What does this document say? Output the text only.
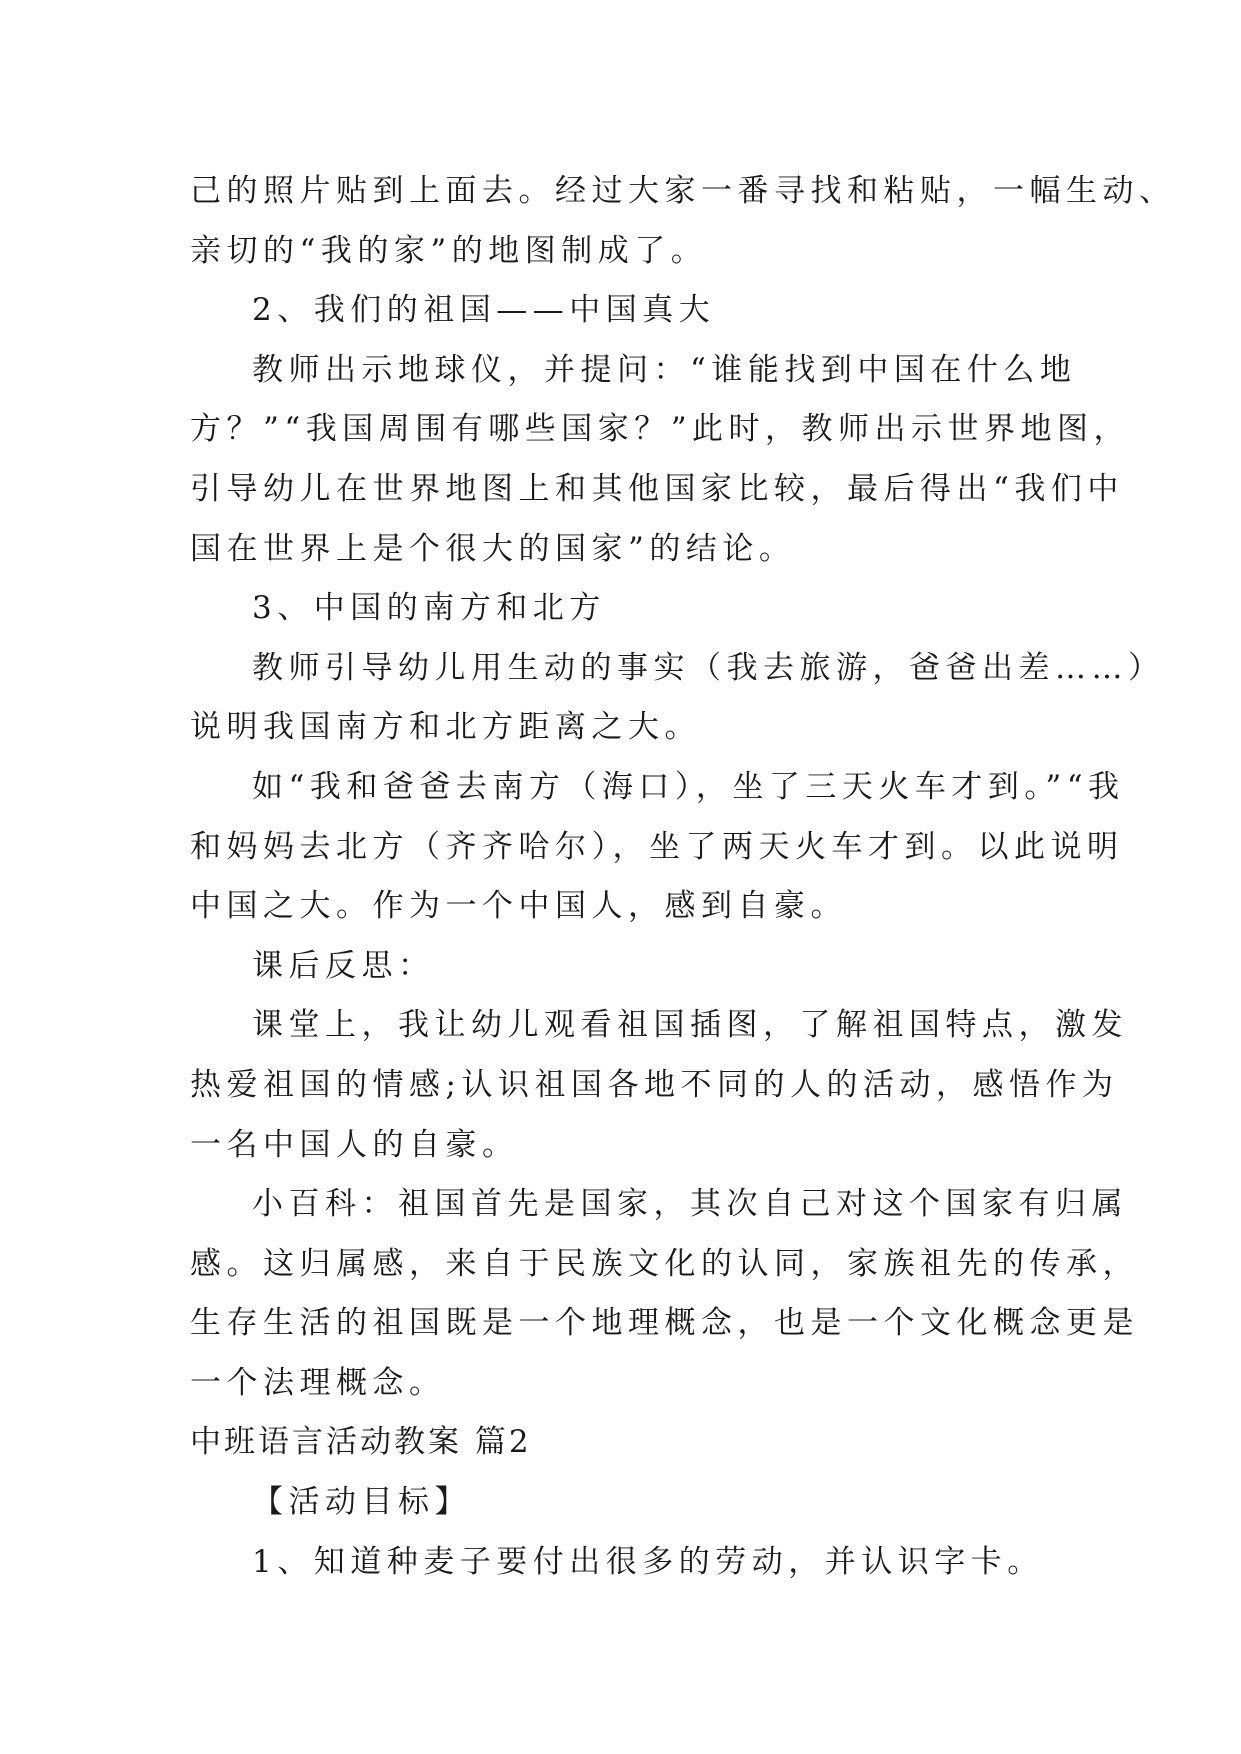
己的照片贴到上面去。经过大家一番寻找和粘贴，一幅生动、
亲切的“我的家”的地图制成了。

2、我们的祖国——中国真大

教师出示地球仪，并提问：“谁能找到中国在什么地
方？”“我国周围有哪些国家？”此时，教师出示世界地图，
引导幼儿在世界地图上和其他国家比较，最后得出“我们中
国在世界上是个很大的国家”的结论。

3、中国的南方和北方

教师引导幼儿用生动的事实（我去旅游，爸爸出差……）
说明我国南方和北方距离之大。

如“我和爸爸去南方（海口），坐了三天火车才到。”“我
和妈妈去北方（齐齐哈尔），坐了两天火车才到。以此说明
中国之大。作为一个中国人，感到自豪。

课后反思：

课堂上，我让幼儿观看祖国插图，了解祖国特点，激发
热爱祖国的情感;认识祖国各地不同的人的活动，感悟作为
一名中国人的自豪。

小百科：祖国首先是国家，其次自己对这个国家有归属
感。这归属感，来自于民族文化的认同，家族祖先的传承，
生存生活的祖国既是一个地理概念，也是一个文化概念更是
一个法理概念。

中班语言活动教案 篇2

【活动目标】

1、知道种麦子要付出很多的劳动，并认识字卡。
